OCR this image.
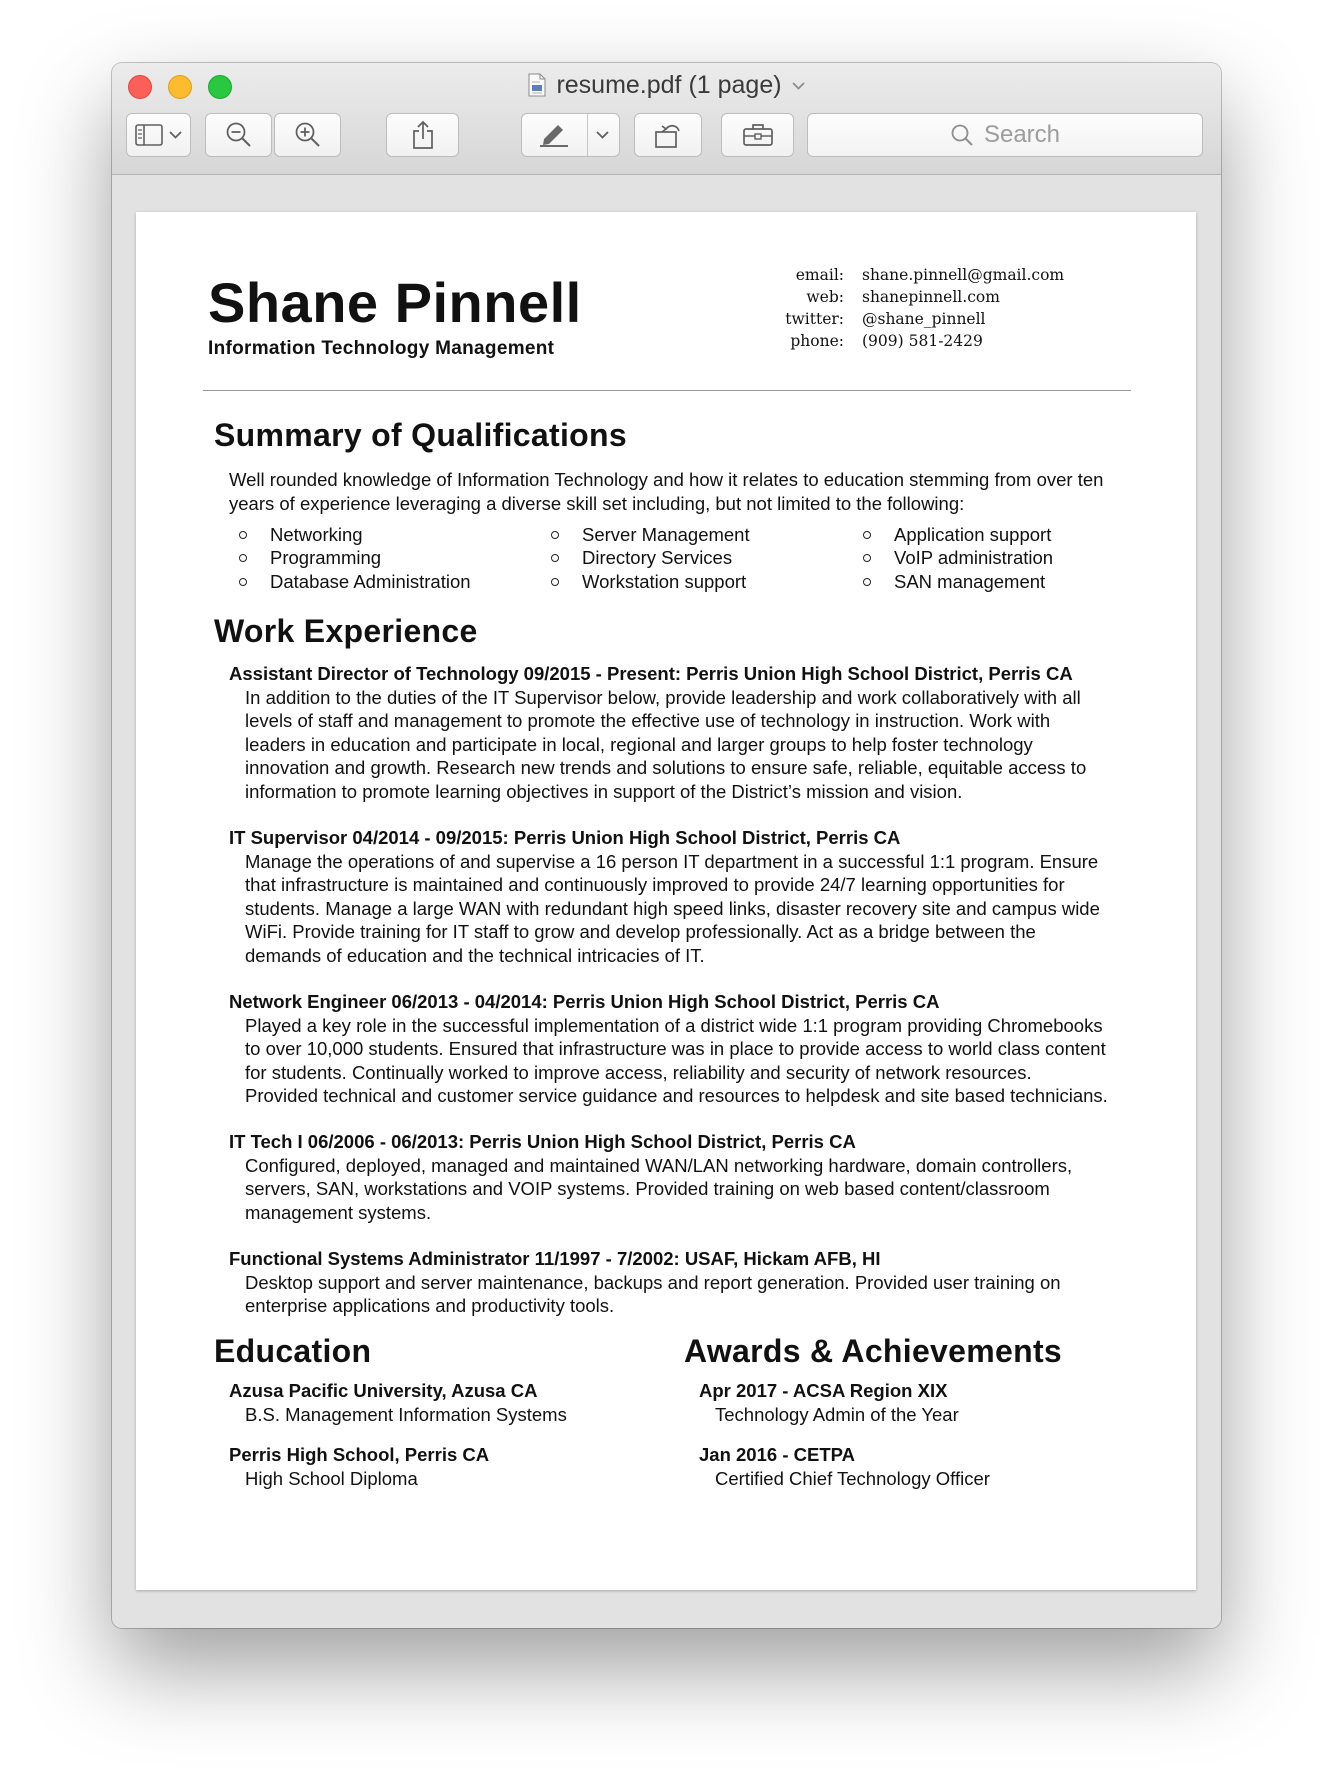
resume.pdf (1 page)
Search
Shane Pinnell
Information Technology Management
email:	shane.pinnell@gmail.com
web:	shanepinnell.com
twitter:	@shane_pinnell
phone:	(909) 581-2429
Summary of Qualifications
Well rounded knowledge of Information Technology and how it relates to education stemming from over ten years of experience leveraging a diverse skill set including, but not limited to the following:
Networking	Server Management	Application support
Programming	Directory Services	VoIP administration
Database Administration	Workstation support	SAN management
Work Experience
Assistant Director of Technology 09/2015 - Present: Perris Union High School District, Perris CA
In addition to the duties of the IT Supervisor below, provide leadership and work collaboratively with all
levels of staff and management to promote the effective use of technology in instruction. Work with
leaders in education and participate in local, regional and larger groups to help foster technology
innovation and growth. Research new trends and solutions to ensure safe, reliable, equitable access to
information to promote learning objectives in support of the District’s mission and vision.
IT Supervisor 04/2014 - 09/2015: Perris Union High School District, Perris CA
Manage the operations of and supervise a 16 person IT department in a successful 1:1 program. Ensure
that infrastructure is maintained and continuously improved to provide 24/7 learning opportunities for
students. Manage a large WAN with redundant high speed links, disaster recovery site and campus wide
WiFi. Provide training for IT staff to grow and develop professionally. Act as a bridge between the
demands of education and the technical intricacies of IT.
Network Engineer 06/2013 - 04/2014: Perris Union High School District, Perris CA
Played a key role in the successful implementation of a district wide 1:1 program providing Chromebooks
to over 10,000 students. Ensured that infrastructure was in place to provide access to world class content
for students. Continually worked to improve access, reliability and security of network resources.
Provided technical and customer service guidance and resources to helpdesk and site based technicians.
IT Tech I 06/2006 - 06/2013: Perris Union High School District, Perris CA
Configured, deployed, managed and maintained WAN/LAN networking hardware, domain controllers,
servers, SAN, workstations and VOIP systems. Provided training on web based content/classroom
management systems.
Functional Systems Administrator 11/1997 - 7/2002: USAF, Hickam AFB, HI
Desktop support and server maintenance, backups and report generation. Provided user training on
enterprise applications and productivity tools.
Education
Azusa Pacific University, Azusa CA
B.S. Management Information Systems
Perris High School, Perris CA
High School Diploma
Awards & Achievements
Apr 2017 - ACSA Region XIX
Technology Admin of the Year
Jan 2016 - CETPA
Certified Chief Technology Officer
